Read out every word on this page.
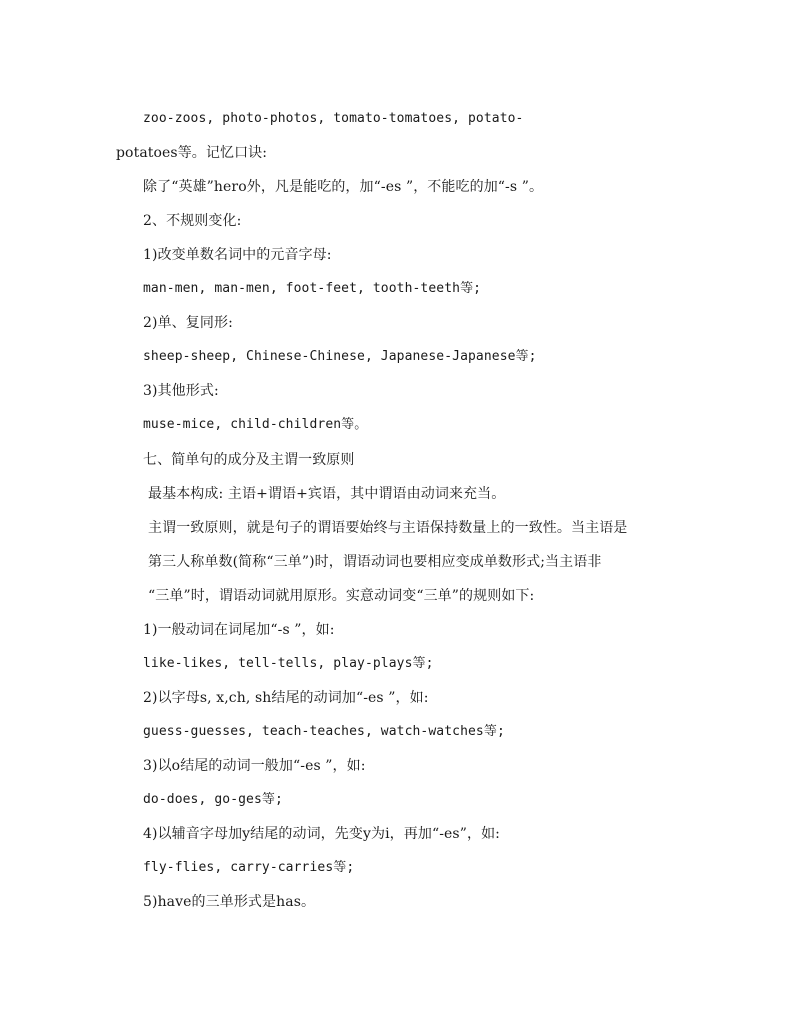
zoo-zoos, photo-photos, tomato-tomatoes, potato-
potatoes等。记忆口诀:
除了“英雄”hero外，凡是能吃的，加“-es ”，不能吃的加“-s ”。
2、不规则变化:
1)改变单数名词中的元音字母:
man-men, man-men, foot-feet, tooth-teeth等;
2)单、复同形:
sheep-sheep, Chinese-Chinese, Japanese-Japanese等;
3)其他形式:
muse-mice, child-children等。
七、简单句的成分及主谓一致原则
最基本构成: 主语+谓语+宾语，其中谓语由动词来充当。
主谓一致原则，就是句子的谓语要始终与主语保持数量上的一致性。当主语是
第三人称单数(简称“三单”)时，谓语动词也要相应变成单数形式;当主语非
“三单”时，谓语动词就用原形。实意动词变“三单”的规则如下:
1)一般动词在词尾加“-s ”，如:
like-likes, tell-tells, play-plays等;
2)以字母s, x,ch, sh结尾的动词加“-es ”，如:
guess-guesses, teach-teaches, watch-watches等;
3)以o结尾的动词一般加“-es ”，如:
do-does, go-ges等;
4)以辅音字母加y结尾的动词，先变y为i，再加“-es”，如:
fly-flies, carry-carries等;
5)have的三单形式是has。
